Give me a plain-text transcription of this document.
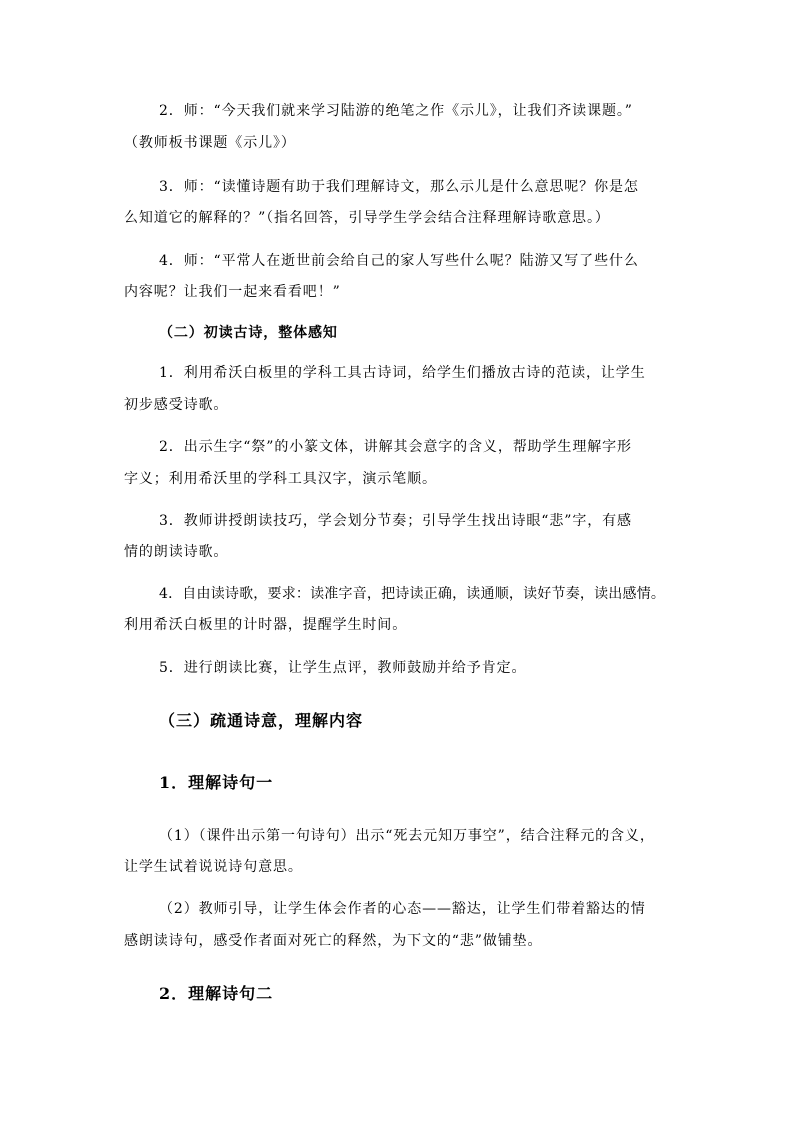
2．师：“今天我们就来学习陆游的绝笔之作《示儿》，让我们齐读课题。”
（教师板书课题《示儿》）
3．师：“读懂诗题有助于我们理解诗文，那么示儿是什么意思呢？你是怎
么知道它的解释的？”（指名回答，引导学生学会结合注释理解诗歌意思。）
4．师：“平常人在逝世前会给自己的家人写些什么呢？陆游又写了些什么
内容呢？让我们一起来看看吧！”
（二）初读古诗，整体感知
1．利用希沃白板里的学科工具古诗词，给学生们播放古诗的范读，让学生
初步感受诗歌。
2．出示生字“祭”的小篆文体，讲解其会意字的含义，帮助学生理解字形
字义；利用希沃里的学科工具汉字，演示笔顺。
3．教师讲授朗读技巧，学会划分节奏；引导学生找出诗眼“悲”字，有感
情的朗读诗歌。
4．自由读诗歌，要求：读准字音，把诗读正确，读通顺，读好节奏，读出感情。
利用希沃白板里的计时器，提醒学生时间。
5．进行朗读比赛，让学生点评，教师鼓励并给予肯定。
（三）疏通诗意，理解内容
1．理解诗句一
（1）（课件出示第一句诗句）出示“死去元知万事空”，结合注释元的含义，
让学生试着说说诗句意思。
（2）教师引导，让学生体会作者的心态——豁达，让学生们带着豁达的情
感朗读诗句，感受作者面对死亡的释然，为下文的“悲”做铺垫。
2．理解诗句二
